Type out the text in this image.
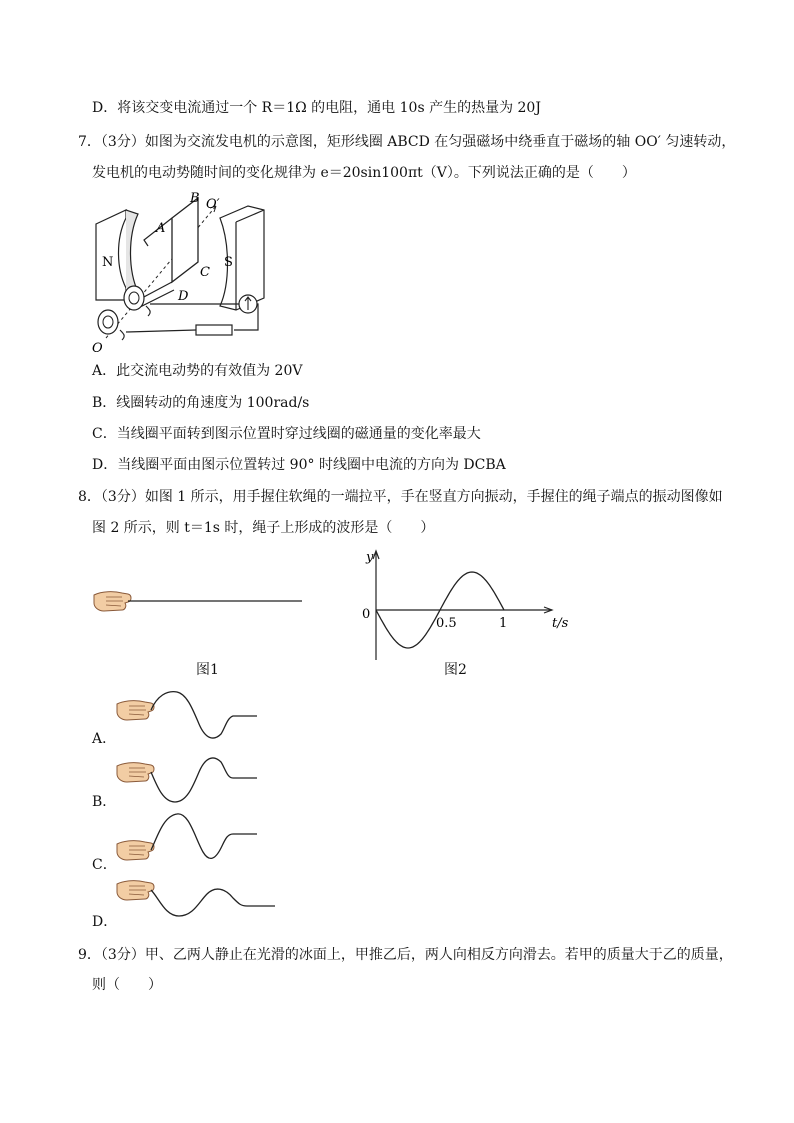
D．将该交变电流通过一个 R＝1Ω 的电阻，通电 10s 产生的热量为 20J
7．（3分）如图为交流发电机的示意图，矩形线圈 ABCD 在匀强磁场中绕垂直于磁场的轴 OO′ 匀速转动，
发电机的电动势随时间的变化规律为 e＝20sin100πt（V）。下列说法正确的是（　　）
N	S
A
B
C
D
O′
O
A．此交流电动势的有效值为 20V
B．线圈转动的角速度为 100rad/s
C．当线圈平面转到图示位置时穿过线圈的磁通量的变化率最大
D．当线圈平面由图示位置转过 90° 时线圈中电流的方向为 DCBA
8．（3分）如图 1 所示，用手握住软绳的一端拉平，手在竖直方向振动，手握住的绳子端点的振动图像如
图 2 所示，则 t＝1s 时，绳子上形成的波形是（　　）
图1
y
0
0.5	1	t/s
图2
A．
B．
C．
D．
9．（3分）甲、乙两人静止在光滑的冰面上，甲推乙后，两人向相反方向滑去。若甲的质量大于乙的质量，
则（　　）
